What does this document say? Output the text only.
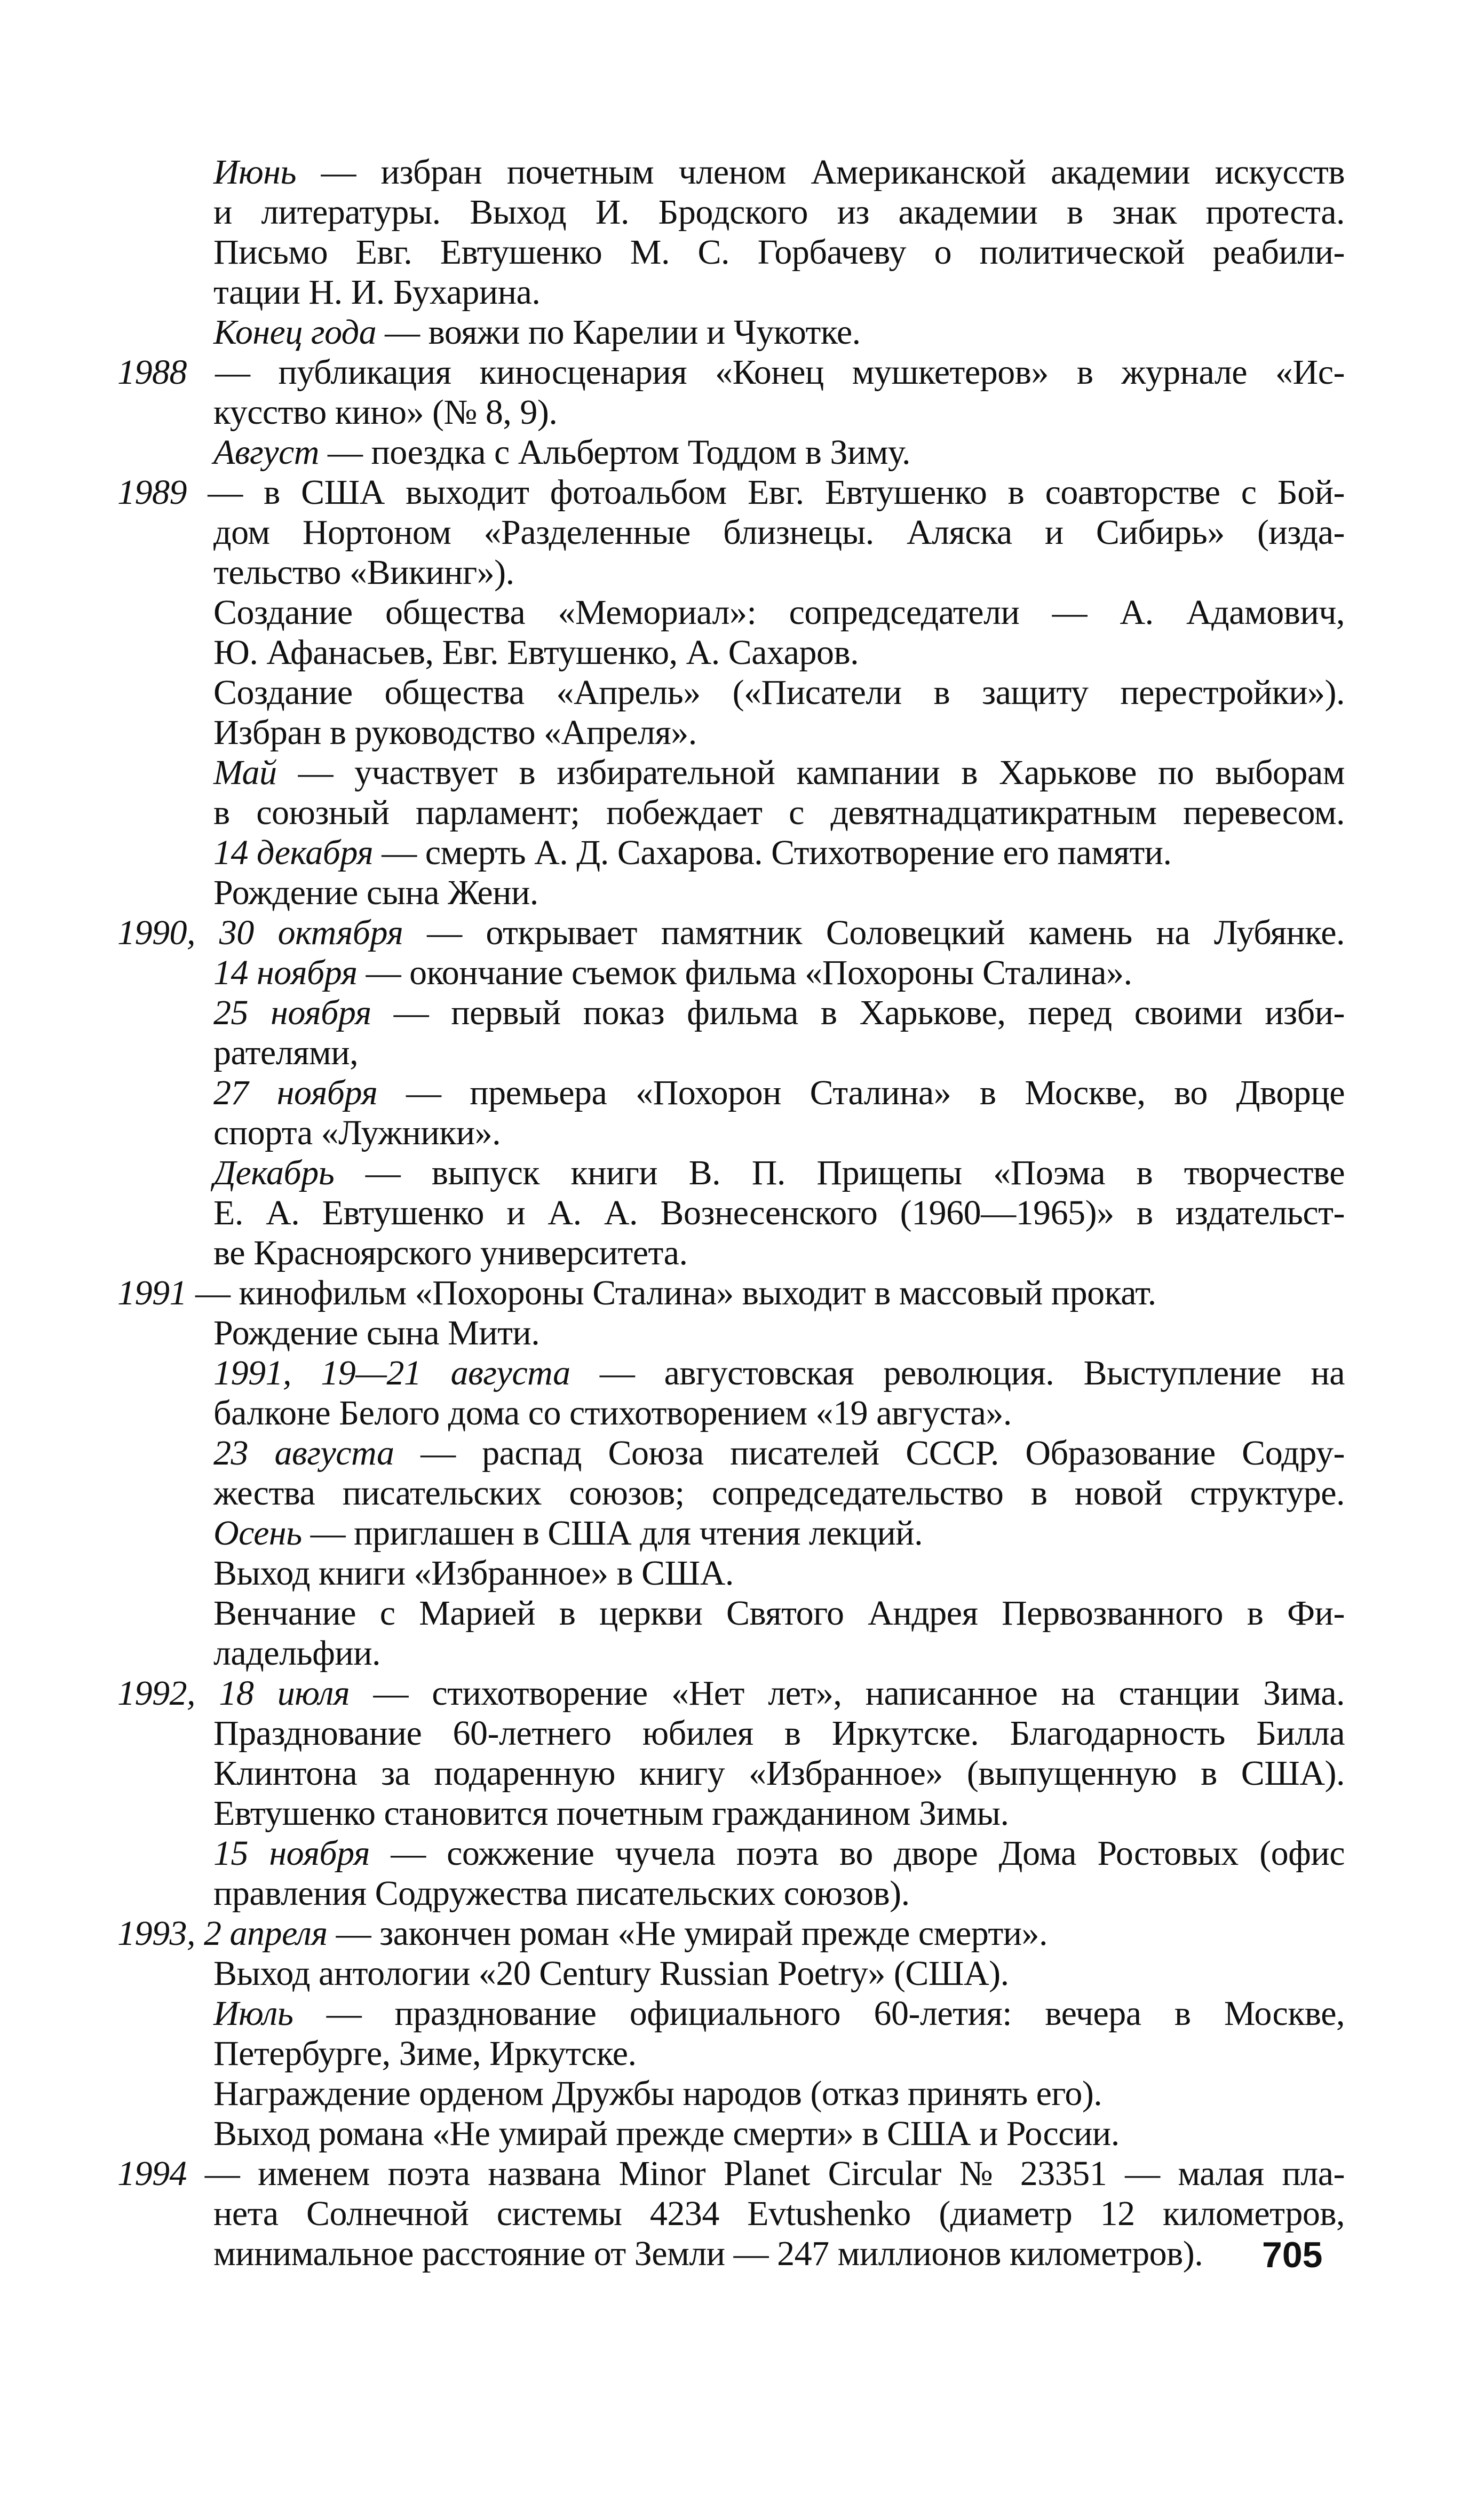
Июнь — избран почетным членом Американской академии искусств
и литературы. Выход И. Бродского из академии в знак протеста.
Письмо Евг. Евтушенко М. С. Горбачеву о политической реабили-
тации Н. И. Бухарина.
Конец года — вояжи по Карелии и Чукотке.
1988 — публикация киносценария «Конец мушкетеров» в журнале «Ис-
кусство кино» (№ 8, 9).
Август — поездка с Альбертом Тоддом в Зиму.
1989 — в США выходит фотоальбом Евг. Евтушенко в соавторстве с Бой-
дом Нортоном «Разделенные близнецы. Аляска и Сибирь» (изда-
тельство «Викинг»).
Создание общества «Мемориал»: сопредседатели — А. Адамович,
Ю. Афанасьев, Евг. Евтушенко, А. Сахаров.
Создание общества «Апрель» («Писатели в защиту перестройки»).
Избран в руководство «Апреля».
Май — участвует в избирательной кампании в Харькове по выборам
в союзный парламент; побеждает с девятнадцатикратным перевесом.
14 декабря — смерть А. Д. Сахарова. Стихотворение его памяти.
Рождение сына Жени.
1990, 30 октября — открывает памятник Соловецкий камень на Лубянке.
14 ноября — окончание съемок фильма «Похороны Сталина».
25 ноября — первый показ фильма в Харькове, перед своими изби-
рателями,
27 ноября — премьера «Похорон Сталина» в Москве, во Дворце
спорта «Лужники».
Декабрь — выпуск книги В. П. Прищепы «Поэма в творчестве
Е. А. Евтушенко и А. А. Вознесенского (1960—1965)» в издательст-
ве Красноярского университета.
1991 — кинофильм «Похороны Сталина» выходит в массовый прокат.
Рождение сына Мити.
1991, 19—21 августа — августовская революция. Выступление на
балконе Белого дома со стихотворением «19 августа».
23 августа — распад Союза писателей СССР. Образование Содру-
жества писательских союзов; сопредседательство в новой структуре.
Осень — приглашен в США для чтения лекций.
Выход книги «Избранное» в США.
Венчание с Марией в церкви Святого Андрея Первозванного в Фи-
ладельфии.
1992, 18 июля — стихотворение «Нет лет», написанное на станции Зима.
Празднование 60-летнего юбилея в Иркутске. Благодарность Билла
Клинтона за подаренную книгу «Избранное» (выпущенную в США).
Евтушенко становится почетным гражданином Зимы.
15 ноября — сожжение чучела поэта во дворе Дома Ростовых (офис
правления Содружества писательских союзов).
1993, 2 апреля — закончен роман «Не умирай прежде смерти».
Выход антологии «20 Century Russian Poetry» (США).
Июль — празднование официального 60-летия: вечера в Москве,
Петербурге, Зиме, Иркутске.
Награждение орденом Дружбы народов (отказ принять его).
Выход романа «Не умирай прежде смерти» в США и России.
1994 — именем поэта названа Minor Planet Circular № 23351 — малая пла-
нета Солнечной системы 4234 Evtushenko (диаметр 12 километров,
минимальное расстояние от Земли — 247 миллионов километров).	705
